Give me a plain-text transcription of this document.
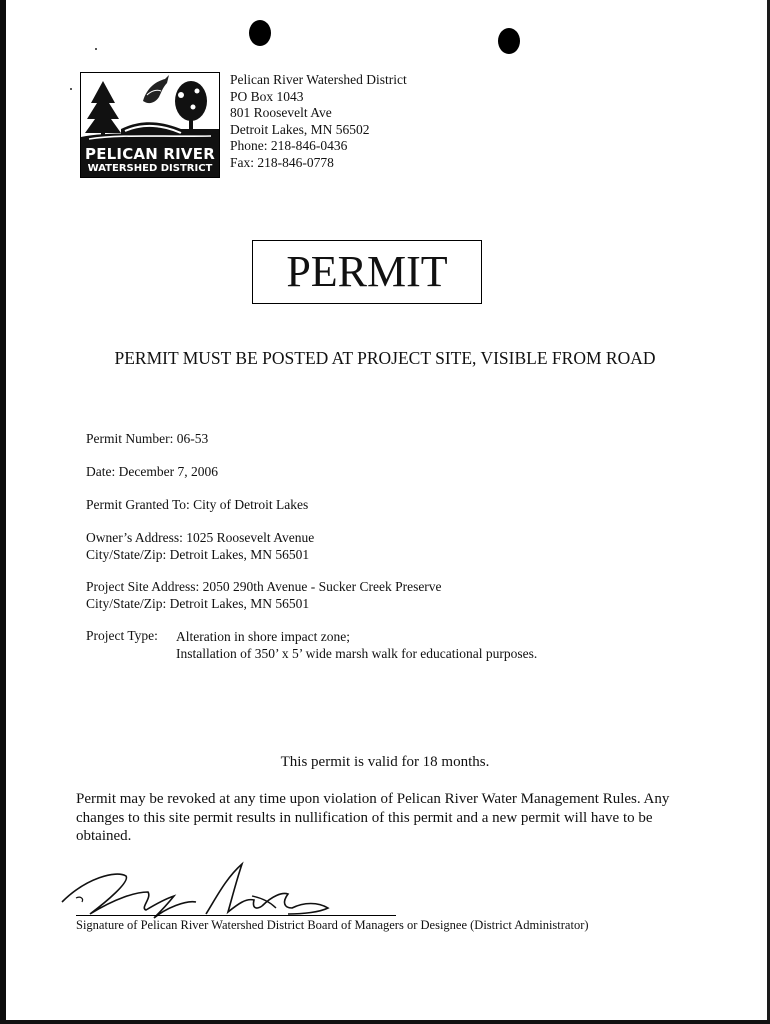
PELICAN RIVER
WATERSHED DISTRICT
Pelican River Watershed District
PO Box 1043
801 Roosevelt Ave
Detroit Lakes, MN 56502
Phone: 218-846-0436
Fax: 218-846-0778
PERMIT
PERMIT MUST BE POSTED AT PROJECT SITE, VISIBLE FROM ROAD
Permit Number: 06-53
Date: December 7, 2006
Permit Granted To: City of Detroit Lakes
Owner’s Address: 1025 Roosevelt Avenue
City/State/Zip: Detroit Lakes, MN 56501
Project Site Address: 2050 290th Avenue - Sucker Creek Preserve
City/State/Zip: Detroit Lakes, MN 56501
Project Type: Alteration in shore impact zone;
Installation of 350’ x 5’ wide marsh walk for educational purposes.
This permit is valid for 18 months.
Permit may be revoked at any time upon violation of Pelican River Water Management Rules. Any changes to this site permit results in nullification of this permit and a new permit will have to be obtained.
Signature of Pelican River Watershed District Board of Managers or Designee (District Administrator)
